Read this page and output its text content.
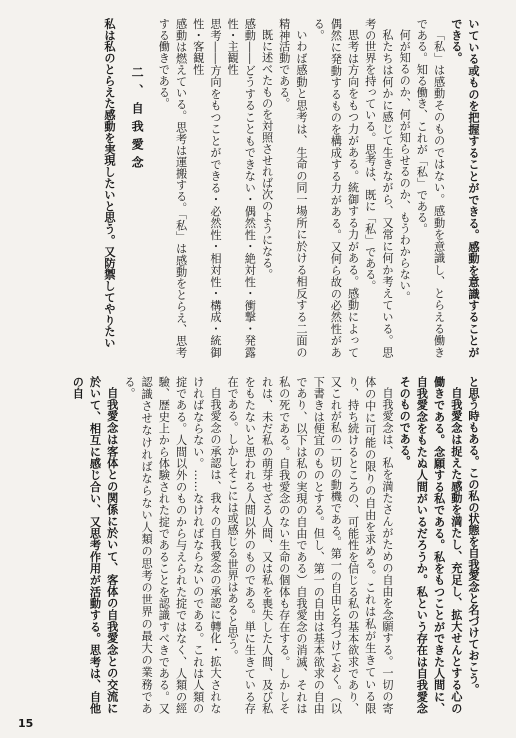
いている或ものを把握することができる。感動を意識することができる。

「私」は感動そのものではない。感動を意識し、とらえる働きである。知る働き、これが「私」である。

何が知るのか、何が知らせるのか、もうわからない。

私たちは何かに感じて生きながら、又常に何か考えている。思考の世界を持っている。思考は、既に「私」である。

思考は方向をもつ力がある。統御する力がある。感動によって偶然に発動するものを構成する力がある。又何ら故の必然性がある。

いわば感動と思考は、生命の同一場所に於ける相反する二面の精神活動である。

既に述べたものを対照させれば次のようになる。

感動――どうすることもできない・偶然性・絶対性・衝撃・発露性・主観性

思考――方向をもつことができる・必然性・相対性・構成・統御性・客観性

感動は燃えている。思考は運搬する。「私」は感動をとらえ、思考する働きである。

二、自我愛念

私は私のとらえた感動を実現したいと思う。又防禦してやりたい

と思う時もある。この私の状態を自我愛念と名づけておこう。

自我愛念は捉えた感動を満たし、充足し、拡大せんとする心の働きである。念願する私である。私をもつことができた人間に、自我愛念をもたぬ人間がいるだろうか。私という存在は自我愛念そのものである。

自我愛念は、私を満たさんがための自由を念願する。一切の寄体の中に可能の限りの自由を求める。これは私が生きている限り、持ち続けるところの、可能性を信じる私の基本欲求であり、又これが私の一切の動機である。第一の自由と名づけておく。（以下書きは便宜のものとする。但し、第一の自由は基本欲求の自由であり、以下は私の実現の自由である）自我愛念の消滅、それは私の死である。自我愛念のない生命の個体も存在する。しかしそれは、未だ私の萌芽せざる人間、又は私を喪失した人間、及び私をもたないと思われる人間以外のものである。単に生きている存在である。しかしそこには或感じる世界はあると思う。

自我愛念の承認は、我々の自我愛念の承認に轉化・拡大されなければならない。……なければならないのである。これは人類の掟である。人間以外のものから与えられた掟ではなく、人類の經驗、歴史上から体験された掟であることを認識すべきである。又認識させなければならない人類の思考の世界の最大の業務である。

自我愛念は客体との関係に於いて、客体の自我愛念との交流に於いて、相互に感じ合い、又思考作用が活動する。思考は、自他の自

15
